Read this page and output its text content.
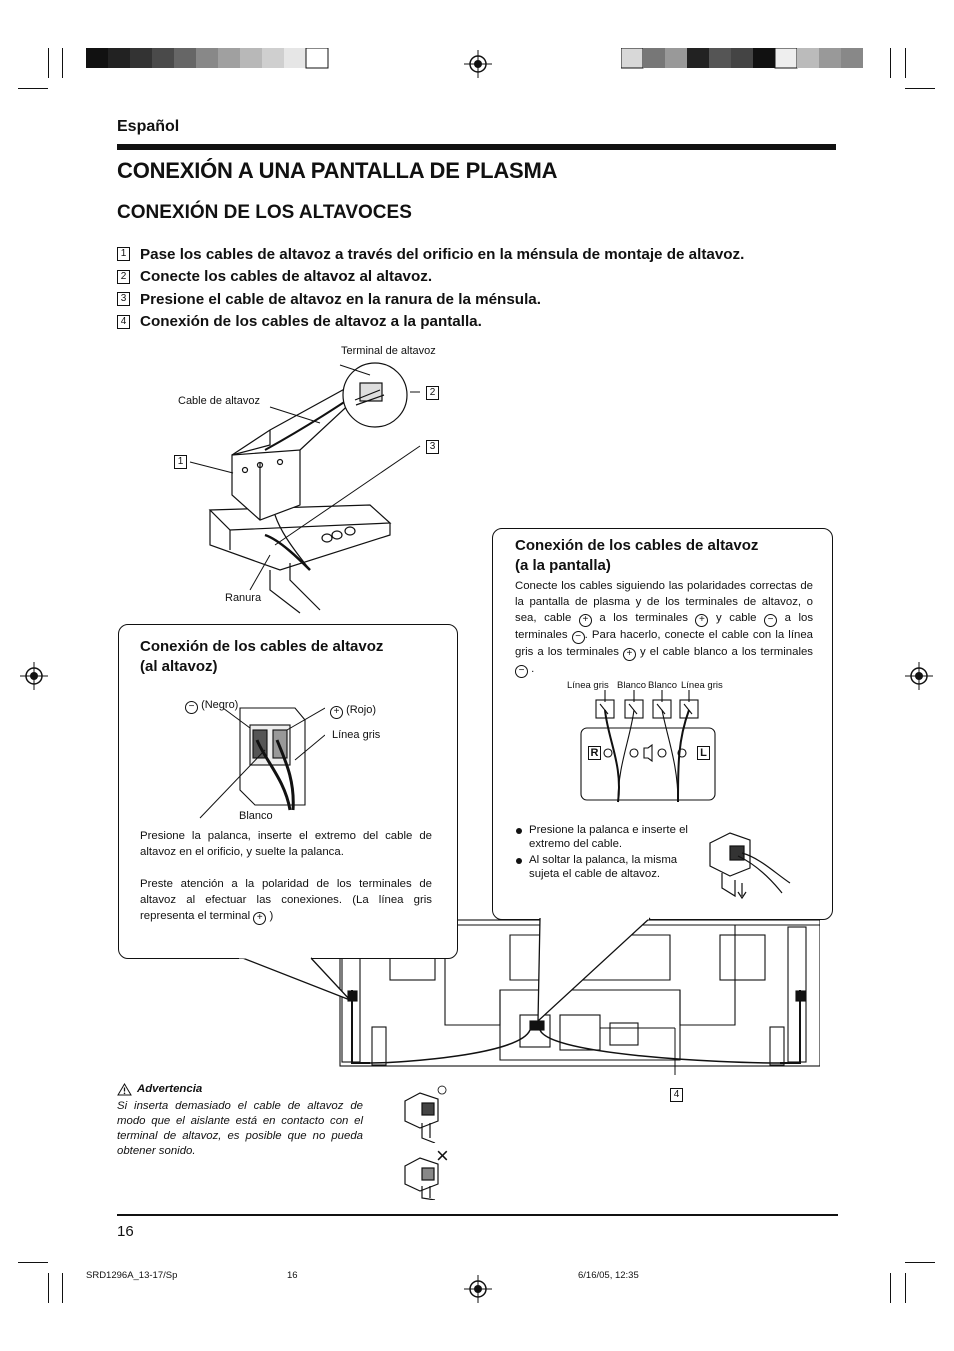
Español
CONEXIÓN A UNA PANTALLA DE PLASMA
CONEXIÓN DE LOS ALTAVOCES
1 Pase los cables de altavoz a través del orificio en la ménsula de montaje de altavoz.
2 Conecte los cables de altavoz al altavoz.
3 Presione el cable de altavoz en la ranura de la ménsula.
4 Conexión de los cables de altavoz a la pantalla.
Terminal de altavoz
Cable de altavoz
Ranura
1
2
3
4
Conexión de los cables de altavoz
(al altavoz)
− (Negro)
+ (Rojo)
Línea gris
Blanco
Presione la palanca, inserte el extremo del cable de altavoz en el orificio, y suelte la palanca.
Preste atención a la polaridad de los terminales de altavoz al efectuar las conexiones. (La línea gris representa el terminal + )
Conexión de los cables de altavoz
(a la pantalla)
Conecte los cables siguiendo las polaridades correctas de la pantalla de plasma y de los terminales de altavoz, o sea, cable + a los terminales + y cable − a los terminales − . Para hacerlo, conecte el cable con la línea gris a los terminales + y el cable blanco a los terminales − .
Línea gris Blanco Blanco Línea gris
R	L
Presione la palanca e inserte el extremo del cable.
Al soltar la palanca, la misma sujeta el cable de altavoz.
Advertencia
Si inserta demasiado el cable de altavoz de modo que el aislante está en contacto con el terminal de altavoz, es posible que no pueda obtener sonido.
○
×
16
SRD1296A_13-17/Sp	16	6/16/05, 12:35
